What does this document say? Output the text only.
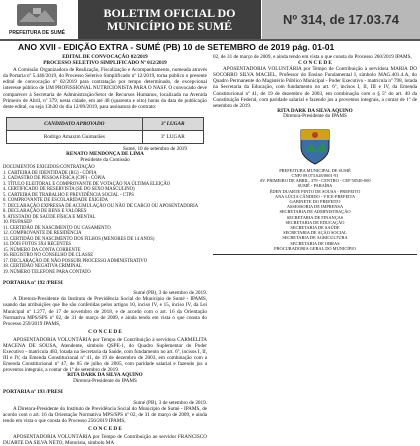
PREFEITURA DE SUMÉ
BOLETIM OFICIAL DO
MUNICÍPIO DE SUMÉ	Nº 314, de 17.03.74
ANO XVII - EDIÇÃO EXTRA - SUMÉ (PB) 10 de SETEMBRO de 2019 pág. 01-01
EDITAL DE CONVOCAÇÃO 02/2019
PROCESSO SELETIVO SIMPLIFICADO Nº 012/2019
A Comissão Organizadora de Realização, Fiscalização e Acompanhamento, nomeada através da Portaria nº 5.446/2019, do Processo Seletivo Simplificado nº 12/2019, torna público o presente edital de convocação nº 02/2019 para contratação por tempo determinado, de excepcional interesse público de UM PROFISSIONAL NUTRICIONISTA PARA O NASF. O convocado deve comparecer à Secretaria de Administração/Setor de Recursos Humanos, localizada na Avenida Primeiro de Abril, nº 379, nesta cidade, em até 48 (quarenta e oito) horas da data de publicação deste edital, ou seja 13h30 do dia 12/09/2019, para assinatura de contrato:
CANDIDATO APROVADO	3º LUGAR
Rodrigo Amaxim Guimarães	3º LUGAR
Sumé, 10 de setembro de 2019
RENATO MENDONÇA DE LIMA
Presidente da Comissão
DOCUMENTOS EXIGIDOS/CONTRATAÇÃO
1. CARTEIRA DE IDENTIDADE (RG) - CÓPIA
2. CADASTRO DE PESSOA FÍSICA (CPF) - CÓPIA
3. TÍTULO ELEITORAL E COMPROVANTE DE VOTAÇÃO NA ÚLTIMA ELEIÇÃO
4. CERTIFICADO DE RESERVISTA (SE DO SEXO MASCULINO)
5. CARTEIRA DE TRABALHO E PREVIDÊNCIA SOCIAL - CTPS
6. COMPROVANTE DE ESCOLARIDADE EXIGIDA
7. DECLARAÇÃO EXPRESSA DE ACUMULAÇÃO OU NÃO DE CARGO OU APOSENTADORIA
8. DECLARAÇÃO DE BENS E VALORES
9. ATESTADO DE SAÚDE FÍSICA E MENTAL
10. PIS/PASEP
11. CERTIDÃO DE NASCIMENTO OU CASAMENTO
12. COMPROVANTE DE RESIDÊNCIA
13. CERTIDÃO DE NASCIMENTO DOS FILHOS (MENORES DE 14 ANOS)
14. DOIS FOTOS 3X4 RECENTES
15. NÚMERO DA CONTA CORRENTE
16. REGISTRO NO CONSELHO DE CLASSE
17. DECLARAÇÃO DE NÃO POSSUIR PROCESSO ADMINISTRATIVO
18. CERTIDÃO NEGATIVA CRIMINAL
19. NÚMERO TELEFONE PARA CONTATO
PORTARIA nº 192 /PRESI
Sumé (PB), 3 de setembro de 2019.
A Diretora-Presidente do Instituto de Previdência Social do Município de Sumé - IPAMS, usando das atribuições que lhe são conferidas pelos artigos 10, inciso IV, e 15, inciso IV, da Lei Municipal nº 1.277, de 17 de novembro de 2018, e de acordo com o art. 16 da Orientação Normativa MPS/SPS nº 02, de 31 de março de 2009, e ainda tendo em vista o que consta do Processo 259/2019 IPAMS,
C O N C E D E
APOSENTADORIA VOLUNTÁRIA por Tempo de Contribuição à servidora CARMELITA MACENA DE SOUSA, Atendente, símbolo QSPE-1, do Quadro Suplementar do Poder Executivo - matrícula 483, lotada na Secretaria da Saúde, com fundamento no art. 6º, incisos I, II, III e IV, da Emenda Constitucional nº 41, de 19 de dezembro de 2003, em combinação com a Emenda Constitucional nº 47, de 05 de julho de 2005, com paridade salarial e fazendo jus a proventos integrais, a contar de 1º de setembro de 2019.
RITA DARK DA SILVA AQUINO
Diretora-Presidente do IPAMS
PORTARIA nº 193 /PRESI
Sumé (PB), 3 de setembro de 2019.
A Diretora-Presidente do Instituto de Previdência Social do Município de Sumé - IPAMS, de acordo com o art. 16 da Orientação Normativa MPS/SPS nº 02, de 31 de março de 2009, e ainda tendo em vista o que consta do Processo 256/2019 IPAMS,
C O N C E D E
APOSENTADORIA VOLUNTÁRIA por Tempo de Contribuição ao servidor FRANCISCO DUARTE DA SILVA NETO, Motorista, símbolo MA
02, de 31 de março de 2009, e ainda tendo em vista o que consta do Processo 260/2019 IPAMS,
C O N C E D E
APOSENTADORIA VOLUNTÁRIA por Tempo de Contribuição à servidora MARIA DO SOCORRO SILVA MACIEL, Professor do Ensino Fundamental I, símbolo MAG.401.4.A, do Quadro Permanente do Magistério Público Municipal - Poder Executivo - matrícula nº 798, lotada na Secretaria da Educação, com fundamento no art. 6º, incisos I, II, III e IV, da Emenda Constitucional nº 41, de 19 de dezembro de 2003, em combinação com o § 5º do art. 40 da Constituição Federal, com paridade salarial e fazendo jus a proventos integrais, a contar de 1º de setembro de 2019.
RITA DARK DA SILVA AQUINO
Diretora-Presidente do IPAMS
PREFEITURA MUNICIPAL DE SUMÉ
CNPJ 09.073.628/0001-91
AV. PRIMEIRO DE ABRIL, 379 - CENTRO - CEP 58540-000
SUMÉ - PARAÍBA
ÉDEN DUARTE PINTO DE SOUSA - PREFEITO
ANA LÚCIA CÂNDIDO - VICE-PREFEITA
GABINETE DO PREFEITO
ASSESSORIA DE IMPRENSA
SECRETARIA DE ADMINISTRAÇÃO
SECRETARIA DE FINANÇAS
SECRETARIA DE EDUCAÇÃO
SECRETARIA DE SAÚDE
SECRETARIA DE AÇÃO SOCIAL
SECRETARIA DE AGRICULTURA
SECRETARIA DE OBRAS
PROCURADORIA GERAL DO MUNICÍPIO
